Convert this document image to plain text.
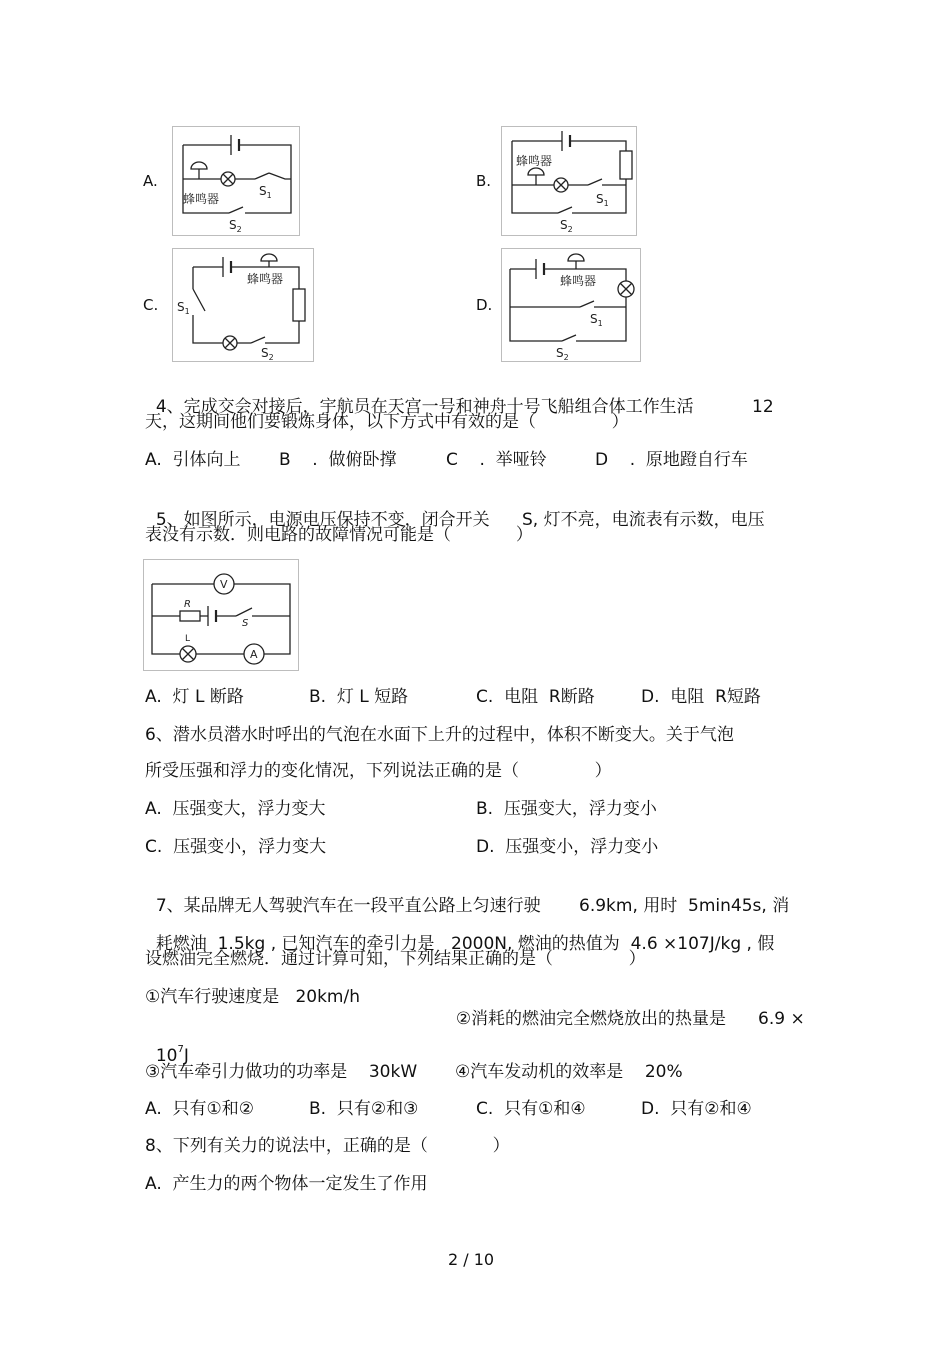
A.
蜂鸣器
$S_1$
$S_2$
B.
蜂鸣器
$S_1$
$S_2$
C.
蜂鸣器
$S_1$
$S_2$
D.
蜂鸣器
$S_1$
$S_2$

4、完成交会对接后，宇航员在天宫一号和神舟十号飞船组合体工作生活	12

天，这期间他们要锻炼身体，以下方式中有效的是（              ）
A.  引体向上 B    .  做俯卧撑	C    .  举哑铃	D    .  原地蹬自行车

5、如图所示，电源电压保持不变，闭合开关 S, 灯不亮，电流表有示数，电压

表没有示数．则电路的故障情况可能是（            ）
V
A
R
S
L
A.  灯 L 断路	B.  灯 L 短路	C.  电阻  R断路	D.  电阻  R短路
6、潜水员潜水时呼出的气泡在水面下上升的过程中，体积不断变大。关于气泡
所受压强和浮力的变化情况，下列说法正确的是（              ）
A.  压强变大，浮力变大	B.  压强变大，浮力变小
C.  压强变小，浮力变大	D.  压强变小，浮力变小

7、某品牌无人驾驶汽车在一段平直公路上匀速行驶 6.9km, 用时  5min45s, 消

耗燃油  1.5kg , 已知汽车的牵引力是 2000N, 燃油的热值为  4.6 ×107J/kg , 假

设燃油完全燃烧．通过计算可知，下列结果正确的是（              ）
①汽车行驶速度是   20km/h

②消耗的燃油完全燃烧放出的热量是 6.9 ×

$10^7J$

③汽车牵引力做功的功率是    30kW ④汽车发动机的效率是    20%
A.  只有①和②	B.  只有②和③	C.  只有①和④	D.  只有②和④
8、下列有关力的说法中，正确的是（            ）
A.  产生力的两个物体一定发生了作用
2 / 10
